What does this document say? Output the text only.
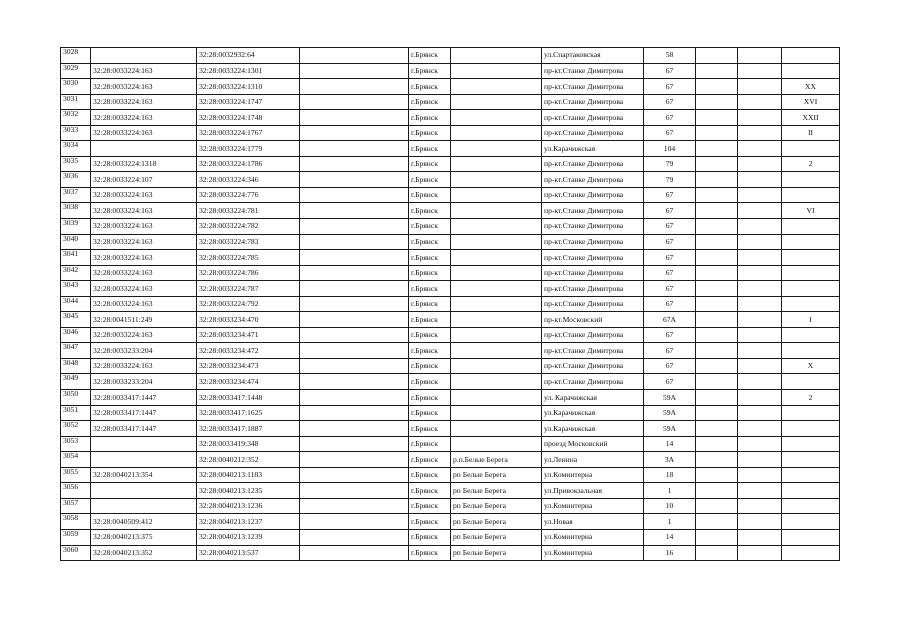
3028		32:28:0032932:64		г.Брянск		ул.Спартаковская	58			
3029	32:28:0033224:163	32:28:0033224:1301		г.Брянск		пр-кт.Станке Димитрова	67			
3030	32:28:0033224:163	32:28:0033224:1310		г.Брянск		пр-кт.Станке Димитрова	67			XX
3031	32:28:0033224:163	32:28:0033224:1747		г.Брянск		пр-кт.Станке Димитрова	67			XVI
3032	32:28:0033224:163	32:28:0033224:1748		г.Брянск		пр-кт.Станке Димитрова	67			XXII
3033	32:28:0033224:163	32:28:0033224:1767		г.Брянск		пр-кт.Станке Димитрова	67			II
3034		32:28:0033224:1779		г.Брянск		ул.Карачижская	104			
3035	32:28:0033224:1318	32:28:0033224:1786		г.Брянск		пр-кт.Станке Димитрова	79			2
3036	32:28:0033224:107	32:28:0033224:346		г.Брянск		пр-кт.Станке Димитрова	79			
3037	32:28:0033224:163	32:28:0033224:776		г.Брянск		пр-кт.Станке Димитрова	67			
3038	32:28:0033224:163	32:28:0033224:781		г.Брянск		пр-кт.Станке Димитрова	67			VI
3039	32:28:0033224:163	32:28:0033224:782		г.Брянск		пр-кт.Станке Димитрова	67			
3040	32:28:0033224:163	32:28:0033224:783		г.Брянск		пр-кт.Станке Димитрова	67			
3041	32:28:0033224:163	32:28:0033224:785		г.Брянск		пр-кт.Станке Димитрова	67			
3042	32:28:0033224:163	32:28:0033224:786		г.Брянск		пр-кт.Станке Димитрова	67			
3043	32:28:0033224:163	32:28:0033224:787		г.Брянск		пр-кт.Станке Димитрова	67			
3044	32:28:0033224:163	32:28:0033224:792		г.Брянск		пр-кт.Станке Димитрова	67			
3045	32:28:0041511:249	32:28:0033234:470		г.Брянск		пр-кт.Московский	67А			I
3046	32:28:0033224:163	32:28:0033234:471		г.Брянск		пр-кт.Станке Димитрова	67			
3047	32:28:0033233:204	32:28:0033234:472		г.Брянск		пр-кт.Станке Димитрова	67			
3048	32:28:0033224:163	32:28:0033234:473		г.Брянск		пр-кт.Станке Димитрова	67			X
3049	32:28:0033233:204	32:28:0033234:474		г.Брянск		пр-кт.Станке Димитрова	67			
3050	32:28:0033417:1447	32:28:0033417:1448		г.Брянск		ул. Карачижская	59А			2
3051	32:28:0033417:1447	32:28:0033417:1625		г.Брянск		ул.Карачижская	59А			
3052	32:28:0033417:1447	32:28:0033417:1887		г.Брянск		ул.Карачижская	59А			
3053		32:28:0033419:348		г.Брянск		проезд Московский	14			
3054		32:28:0040212:352		г.Брянск	р.п.Белые Берега	ул.Ленина	3А			
3055	32:28:0040213:354	32:28:0040213:1183		г.Брянск	рп Белые Берега	ул.Коминтерна	18			
3056		32:28:0040213:1235		г.Брянск	рп Белые Берега	ул.Привокзальная	1			
3057		32:28:0040213:1236		г.Брянск	рп Белые Берега	ул.Коминтерна	10			
3058	32:28:0040509:412	32:28:0040213:1237		г.Брянск	рп Белые Берега	ул.Новая	1			
3059	32:28:0040213:375	32:28:0040213:1239		г.Брянск	рп Белые Берега	ул.Коминтерна	14			
3060	32:28:0040213:352	32:28:0040213:537		г.Брянск	рп Белые Берега	ул.Коминтерна	16			
